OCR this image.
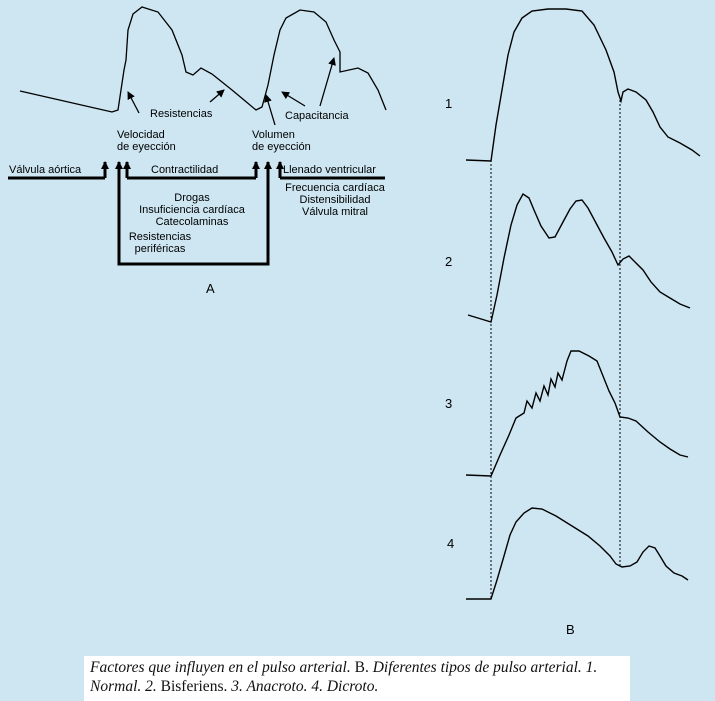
Resistencias	Capacitancia
Velocidad
de eyección
Volumen
de eyección
Válvula aórtica	Contractilidad	Llenado ventricular
Drogas
Insuficiencia cardíaca
Catecolaminas
Resistencias
periféricas
Frecuencia cardíaca
Distensibilidad
Válvula mitral
A
1
2
3
4
B
Factores que influyen en el pulso arterial. B. Diferentes tipos de pulso arterial. 1. Normal. 2. Bisferiens. 3. Anacroto. 4. Dicroto.
